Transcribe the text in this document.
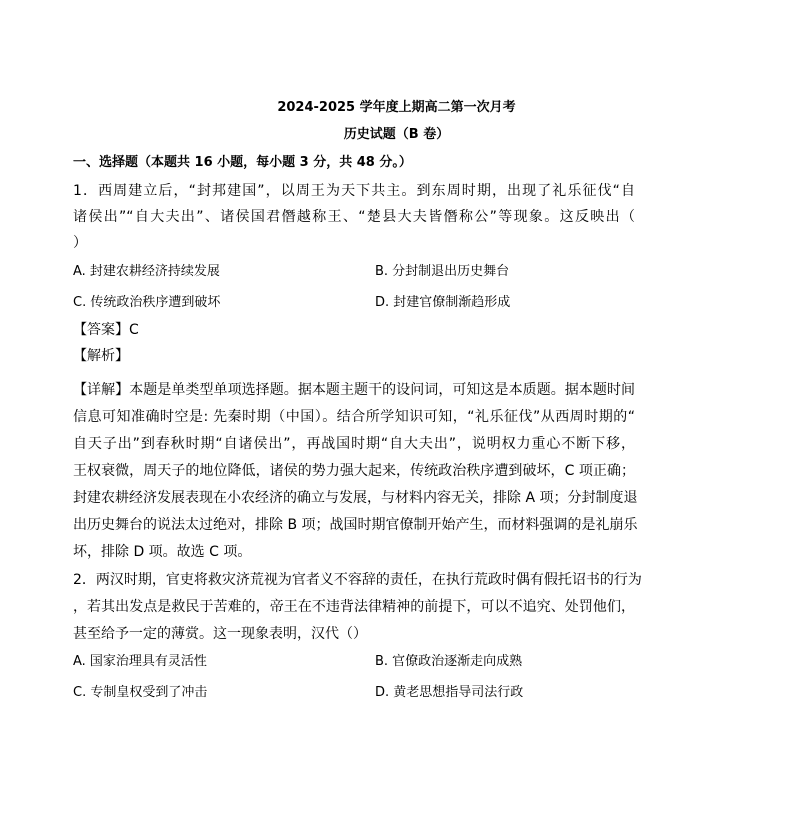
2024-2025 学年度上期高二第一次月考
历史试题（B 卷）
一、选择题（本题共 16 小题，每小题 3 分，共 48 分。）
1．西周建立后，“封邦建国”，以周王为天下共主。到东周时期，出现了礼乐征伐“自
诸侯出”“自大夫出”、诸侯国君僭越称王、“楚县大夫皆僭称公”等现象。这反映出（
）
A. 封建农耕经济持续发展	B. 分封制退出历史舞台
C. 传统政治秩序遭到破坏	D. 封建官僚制渐趋形成
【答案】C
【解析】
【详解】本题是单类型单项选择题。据本题主题干的设问词，可知这是本质题。据本题时间
信息可知准确时空是: 先秦时期（中国）。结合所学知识可知，“礼乐征伐”从西周时期的“
自天子出”到春秋时期“自诸侯出”，再战国时期“自大夫出”，说明权力重心不断下移，
王权衰微，周天子的地位降低，诸侯的势力强大起来，传统政治秩序遭到破坏，C 项正确；
封建农耕经济发展表现在小农经济的确立与发展，与材料内容无关，排除 A 项；分封制度退
出历史舞台的说法太过绝对，排除 B 项；战国时期官僚制开始产生，而材料强调的是礼崩乐
坏，排除 D 项。故选 C 项。
2．两汉时期，官吏将救灾济荒视为官者义不容辞的责任，在执行荒政时偶有假托诏书的行为
，若其出发点是救民于苦难的，帝王在不违背法律精神的前提下，可以不追究、处罚他们，
甚至给予一定的薄赏。这一现象表明，汉代（）
A. 国家治理具有灵活性	B. 官僚政治逐渐走向成熟
C. 专制皇权受到了冲击	D. 黄老思想指导司法行政
